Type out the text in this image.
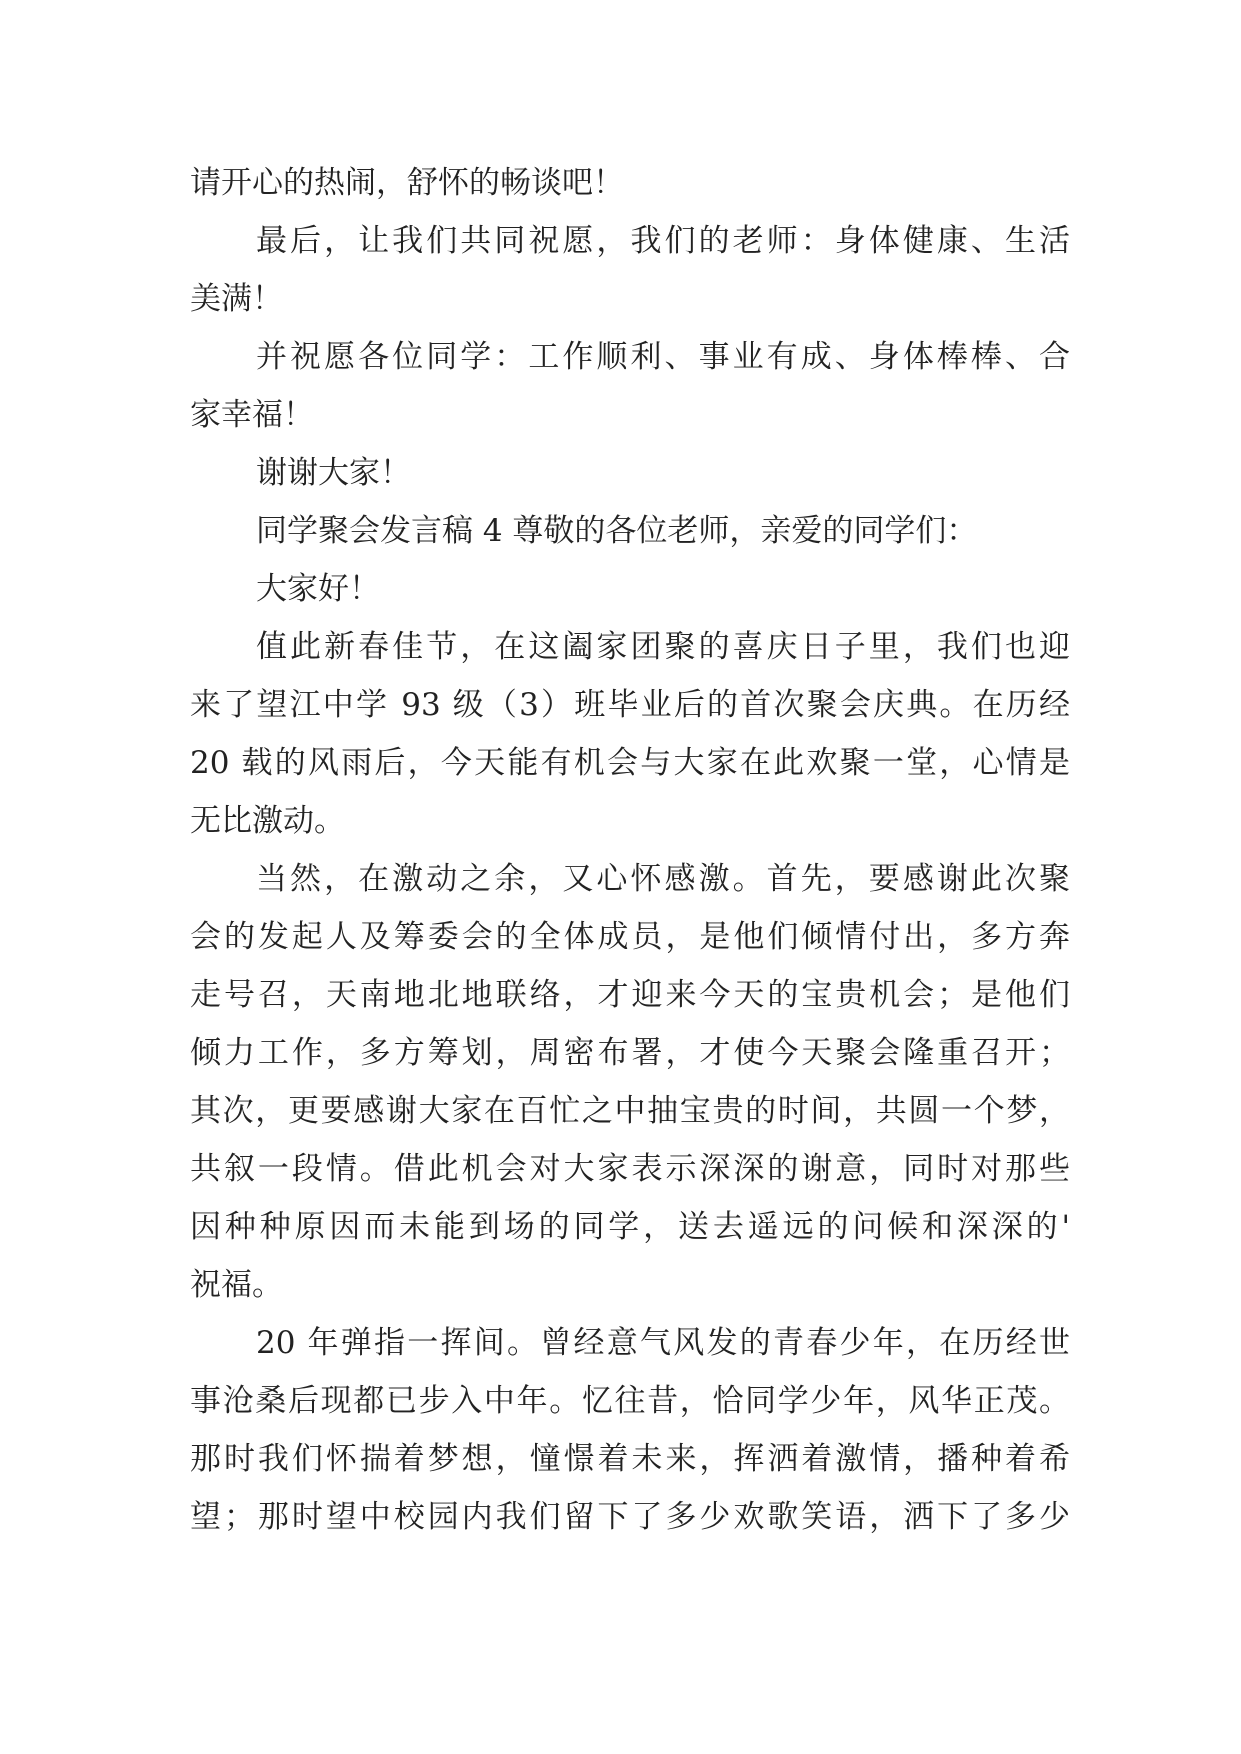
请开心的热闹，舒怀的畅谈吧！
最后，让我们共同祝愿，我们的老师：身体健康、生活
美满！
并祝愿各位同学：工作顺利、事业有成、身体棒棒、合
家幸福！
谢谢大家！
同学聚会发言稿 4 尊敬的各位老师，亲爱的同学们：
大家好！
值此新春佳节，在这阖家团聚的喜庆日子里，我们也迎
来了望江中学 93 级（3）班毕业后的首次聚会庆典。在历经
20 载的风雨后，今天能有机会与大家在此欢聚一堂，心情是
无比激动。
当然，在激动之余，又心怀感激。首先，要感谢此次聚
会的发起人及筹委会的全体成员，是他们倾情付出，多方奔
走号召，天南地北地联络，才迎来今天的宝贵机会；是他们
倾力工作，多方筹划，周密布署，才使今天聚会隆重召开；
其次，更要感谢大家在百忙之中抽宝贵的时间，共圆一个梦，
共叙一段情。借此机会对大家表示深深的谢意，同时对那些
因种种原因而未能到场的同学，送去遥远的问候和深深的'
祝福。
20 年弹指一挥间。曾经意气风发的青春少年，在历经世
事沧桑后现都已步入中年。忆往昔，恰同学少年，风华正茂。
那时我们怀揣着梦想，憧憬着未来，挥洒着激情，播种着希
望；那时望中校园内我们留下了多少欢歌笑语，洒下了多少
